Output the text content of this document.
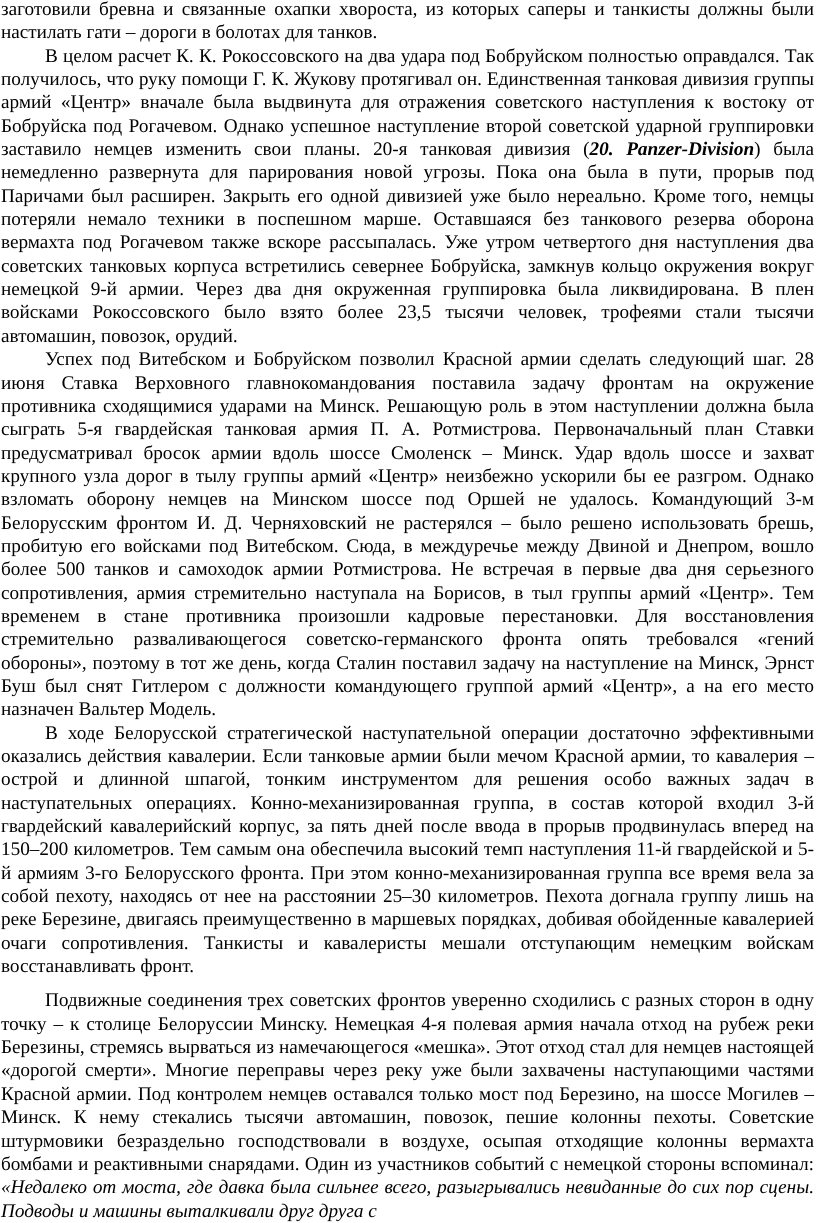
заготовили бревна и связанные охапки хвороста, из которых саперы и танкисты должны были настилать гати – дороги в болотах для танков.

В целом расчет К. К. Рокоссовского на два удара под Бобруйском полностью оправдался. Так получилось, что руку помощи Г. К. Жукову протягивал он. Единственная танковая дивизия группы армий «Центр» вначале была выдвинута для отражения советского наступления к востоку от Бобруйска под Рогачевом. Однако успешное наступление второй советской ударной группировки заставило немцев изменить свои планы. 20-я танковая дивизия (20. Panzer-Division) была немедленно развернута для парирования новой угрозы. Пока она была в пути, прорыв под Паричами был расширен. Закрыть его одной дивизией уже было нереально. Кроме того, немцы потеряли немало техники в поспешном марше. Оставшаяся без танкового резерва оборона вермахта под Рогачевом также вскоре рассыпалась. Уже утром четвертого дня наступления два советских танковых корпуса встретились севернее Бобруйска, замкнув кольцо окружения вокруг немецкой 9-й армии. Через два дня окруженная группировка была ликвидирована. В плен войсками Рокоссовского было взято более 23,5 тысячи человек, трофеями стали тысячи автомашин, повозок, орудий.

Успех под Витебском и Бобруйском позволил Красной армии сделать следующий шаг. 28 июня Ставка Верховного главнокомандования поставила задачу фронтам на окружение противника сходящимися ударами на Минск. Решающую роль в этом наступлении должна была сыграть 5-я гвардейская танковая армия П. А. Ротмистрова. Первоначальный план Ставки предусматривал бросок армии вдоль шоссе Смоленск – Минск. Удар вдоль шоссе и захват крупного узла дорог в тылу группы армий «Центр» неизбежно ускорили бы ее разгром. Однако взломать оборону немцев на Минском шоссе под Оршей не удалось. Командующий 3-м Белорусским фронтом И. Д. Черняховский не растерялся – было решено использовать брешь, пробитую его войсками под Витебском. Сюда, в междуречье между Двиной и Днепром, вошло более 500 танков и самоходок армии Ротмистрова. Не встречая в первые два дня серьезного сопротивления, армия стремительно наступала на Борисов, в тыл группы армий «Центр». Тем временем в стане противника произошли кадровые перестановки. Для восстановления стремительно разваливающегося советско-германского фронта опять требовался «гений обороны», поэтому в тот же день, когда Сталин поставил задачу на наступление на Минск, Эрнст Буш был снят Гитлером с должности командующего группой армий «Центр», а на его место назначен Вальтер Модель.

В ходе Белорусской стратегической наступательной операции достаточно эффективными оказались действия кавалерии. Если танковые армии были мечом Красной армии, то кавалерия – острой и длинной шпагой, тонким инструментом для решения особо важных задач в наступательных операциях. Конно-механизированная группа, в состав которой входил 3-й гвардейский кавалерийский корпус, за пять дней после ввода в прорыв продвинулась вперед на 150–200 километров. Тем самым она обеспечила высокий темп наступления 11-й гвардейской и 5-й армиям 3-го Белорусского фронта. При этом конно-механизированная группа все время вела за собой пехоту, находясь от нее на расстоянии 25–30 километров. Пехота догнала группу лишь на реке Березине, двигаясь преимущественно в маршевых порядках, добивая обойденные кавалерией очаги сопротивления. Танкисты и кавалеристы мешали отступающим немецким войскам восстанавливать фронт.

Подвижные соединения трех советских фронтов уверенно сходились с разных сторон в одну точку – к столице Белоруссии Минску. Немецкая 4-я полевая армия начала отход на рубеж реки Березины, стремясь вырваться из намечающегося «мешка». Этот отход стал для немцев настоящей «дорогой смерти». Многие переправы через реку уже были захвачены наступающими частями Красной армии. Под контролем немцев оставался только мост под Березино, на шоссе Могилев – Минск. К нему стекались тысячи автомашин, повозок, пешие колонны пехоты. Советские штурмовики безраздельно господствовали в воздухе, осыпая отходящие колонны вермахта бомбами и реактивными снарядами. Один из участников событий с немецкой стороны вспоминал: «Недалеко от моста, где давка была сильнее всего, разыгрывались невиданные до сих пор сцены. Подводы и машины выталкивали друг друга с
